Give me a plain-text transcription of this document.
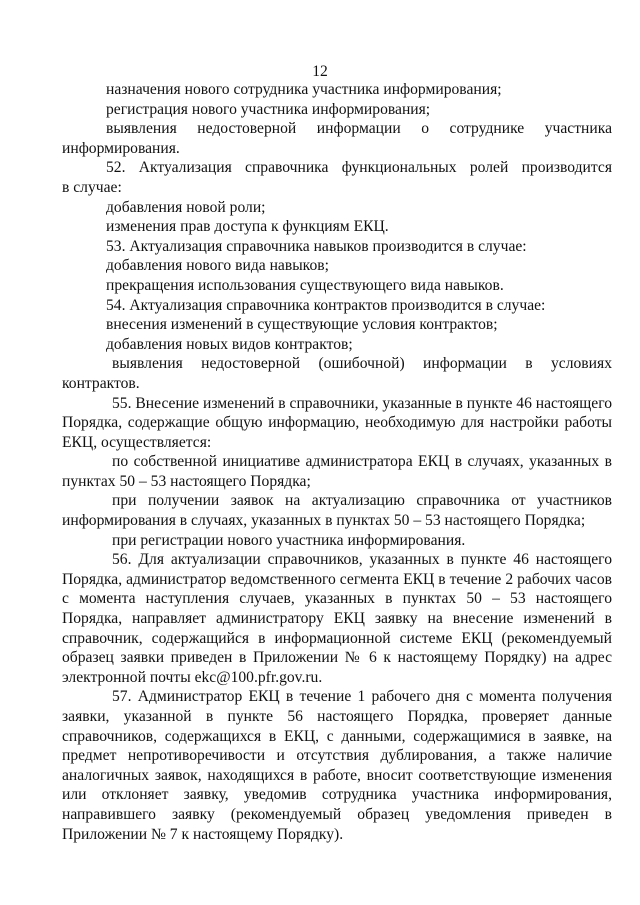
12

назначения нового сотрудника участника информирования;

регистрация нового участника информирования;

выявления недостоверной информации о сотруднике участника

информирования.

52. Актуализация справочника функциональных ролей производится

в случае:

добавления новой роли;

изменения прав доступа к функциям ЕКЦ.

53. Актуализация справочника навыков производится в случае:

добавления нового вида навыков;

прекращения использования существующего вида навыков.

54. Актуализация справочника контрактов производится в случае:

внесения изменений в существующие условия контрактов;

добавления новых видов контрактов;

выявления недостоверной (ошибочной) информации в условиях контрактов.

55. Внесение изменений в справочники, указанные в пункте 46 настоящего Порядка, содержащие общую информацию, необходимую для настройки работы ЕКЦ, осуществляется:

по собственной инициативе администратора ЕКЦ в случаях, указанных в пунктах 50 – 53 настоящего Порядка;

при получении заявок на актуализацию справочника от участников информирования в случаях, указанных в пунктах 50 – 53 настоящего Порядка;

при регистрации нового участника информирования.

56. Для актуализации справочников, указанных в пункте 46 настоящего Порядка, администратор ведомственного сегмента ЕКЦ в течение 2 рабочих часов с момента наступления случаев, указанных в пунктах 50 – 53 настоящего Порядка, направляет администратору ЕКЦ заявку на внесение изменений в справочник, содержащийся в информационной системе ЕКЦ (рекомендуемый образец заявки приведен в Приложении № 6 к настоящему Порядку) на адрес электронной почты ekc@100.pfr.gov.ru.

57. Администратор ЕКЦ в течение 1 рабочего дня с момента получения заявки, указанной в пункте 56 настоящего Порядка, проверяет данные справочников, содержащихся в ЕКЦ, с данными, содержащимися в заявке, на предмет непротиворечивости и отсутствия дублирования, а также наличие аналогичных заявок, находящихся в работе, вносит соответствующие изменения или отклоняет заявку, уведомив сотрудника участника информирования, направившего заявку (рекомендуемый образец уведомления приведен в Приложении № 7 к настоящему Порядку).
